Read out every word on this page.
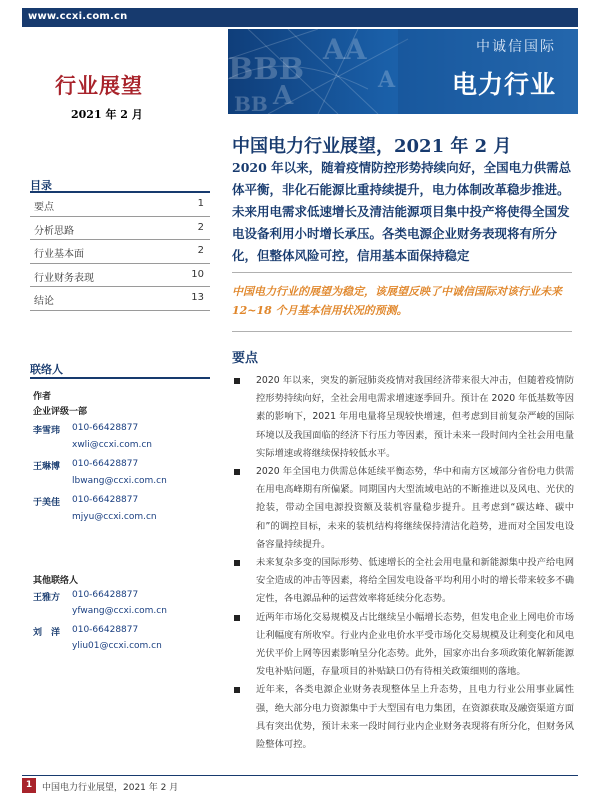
www.ccxi.com.cn
BBB
A
BB
AA
A
中诚信国际
电力行业
行业展望
2021 年 2 月
中国电力行业展望，2021 年 2 月
2020 年以来，随着疫情防控形势持续向好，全国电力供需总体平衡，非化石能源比重持续提升，电力体制改革稳步推进。未来用电需求低速增长及清洁能源项目集中投产将使得全国发电设备利用小时增长承压。各类电源企业财务表现将有所分化，但整体风险可控，信用基本面保持稳定
中国电力行业的展望为稳定，该展望反映了中诚信国际对该行业未来 12~18 个月基本信用状况的预测。
目录
要点	1
分析思路	2
行业基本面	2
行业财务表现	10
结论	13
联络人
作者
企业评级一部
李雪玮 010-66428877
xwli@ccxi.com.cn
王琳博 010-66428877
lbwang@ccxi.com.cn
于美佳 010-66428877
mjyu@ccxi.com.cn
其他联络人
王雅方 010-66428877
yfwang@ccxi.com.cn
刘　洋 010-66428877
yliu01@ccxi.com.cn
要点
2020 年以来，突发的新冠肺炎疫情对我国经济带来很大冲击，但随着疫情防控形势持续向好，全社会用电需求增速逐季回升。预计在 2020 年低基数等因素的影响下，2021 年用电量将呈现较快增速，但考虑到目前复杂严峻的国际环境以及我国面临的经济下行压力等因素，预计未来一段时间内全社会用电量实际增速或将继续保持较低水平。
2020 年全国电力供需总体延续平衡态势，华中和南方区域部分省份电力供需在用电高峰期有所偏紧。同期国内大型流域电站的不断推进以及风电、光伏的抢装，带动全国电源投资额及装机容量稳步提升。且考虑到“碳达峰、碳中和”的调控目标，未来的装机结构将继续保持清洁化趋势，进而对全国发电设备容量持续提升。
未来复杂多变的国际形势、低速增长的全社会用电量和新能源集中投产给电网安全造成的冲击等因素，将给全国发电设备平均利用小时的增长带来较多不确定性，各电源品种的运营效率将延续分化态势。
近两年市场化交易规模及占比继续呈小幅增长态势，但发电企业上网电价市场让利幅度有所收窄。行业内企业电价水平受市场化交易规模及让利变化和风电光伏平价上网等因素影响呈分化态势。此外，国家亦出台多项政策化解新能源发电补贴问题，存量项目的补贴缺口仍有待相关政策细则的落地。
近年来，各类电源企业财务表现整体呈上升态势，且电力行业公用事业属性强，绝大部分电力资源集中于大型国有电力集团，在资源获取及融资渠道方面具有突出优势，预计未来一段时间行业内企业财务表现将有所分化，但财务风险整体可控。
1	中国电力行业展望，2021 年 2 月
